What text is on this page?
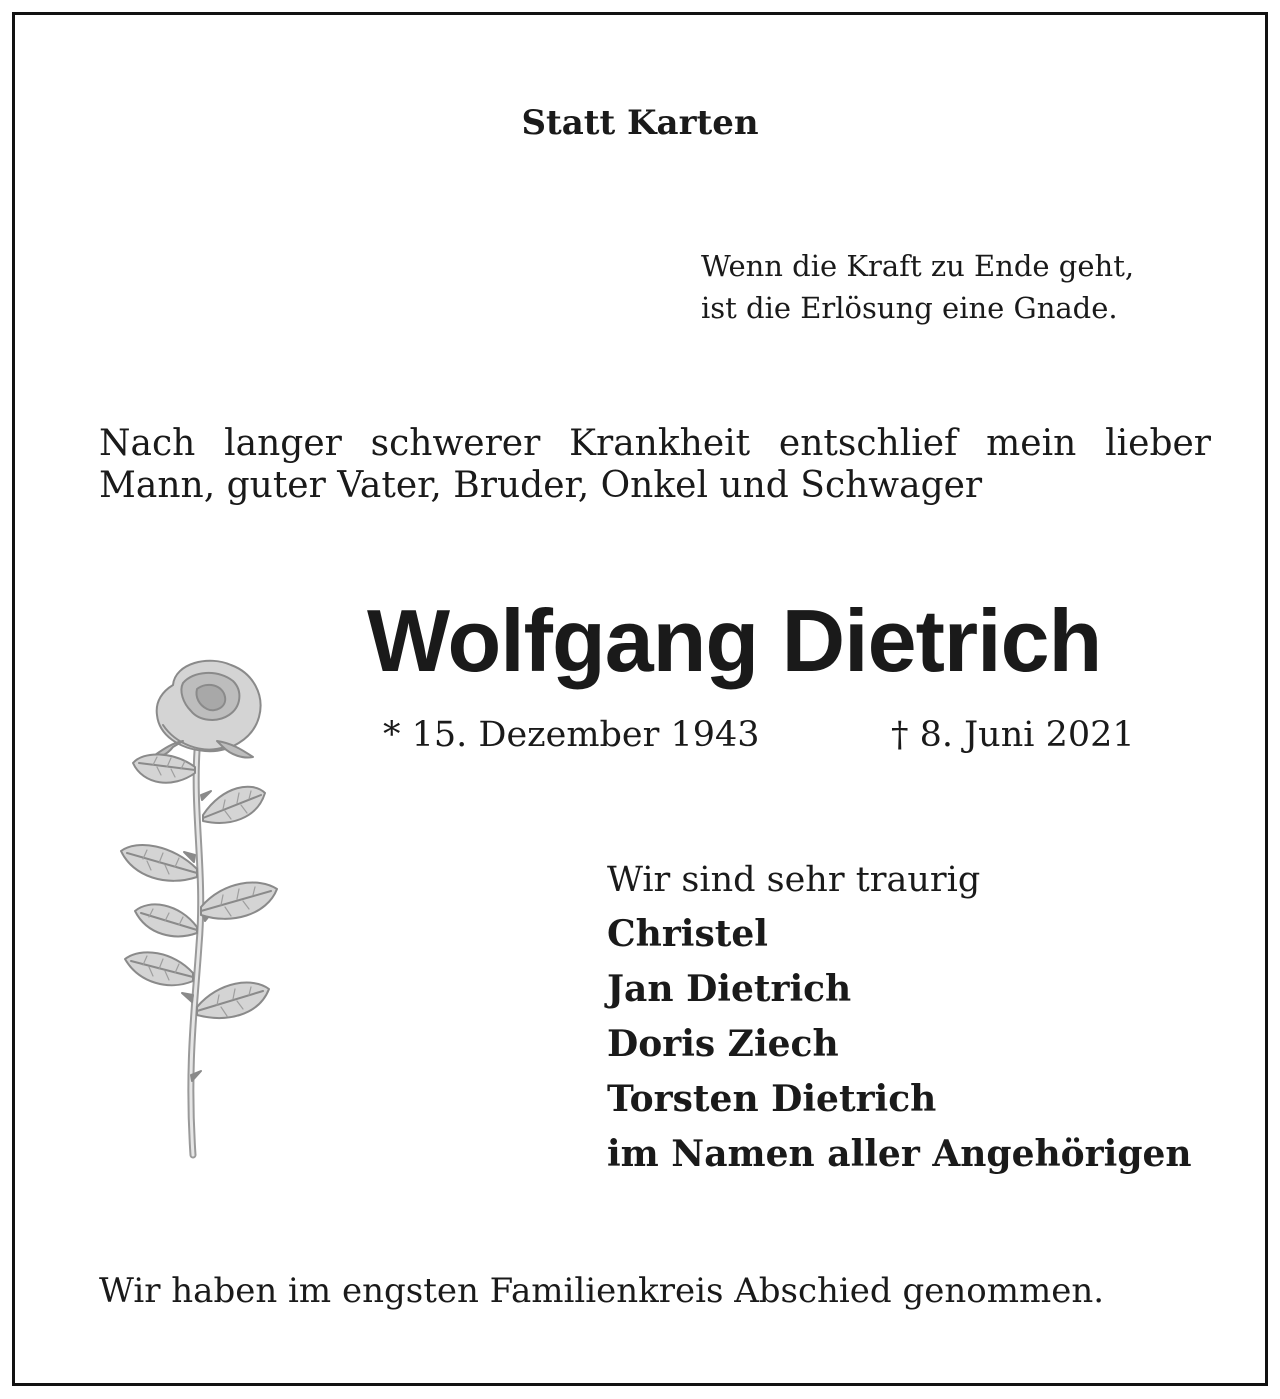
Statt Karten
Wenn die Kraft zu Ende geht,
ist die Erlösung eine Gnade.
Nach langer schwerer Krankheit entschlief mein lieber
Mann, guter Vater, Bruder, Onkel und Schwager
Wolfgang Dietrich
* 15. Dezember 1943	† 8. Juni 2021
Wir sind sehr traurig
Christel
Jan Dietrich
Doris Ziech
Torsten Dietrich
im Namen aller Angehörigen
Wir haben im engsten Familienkreis Abschied genommen.
